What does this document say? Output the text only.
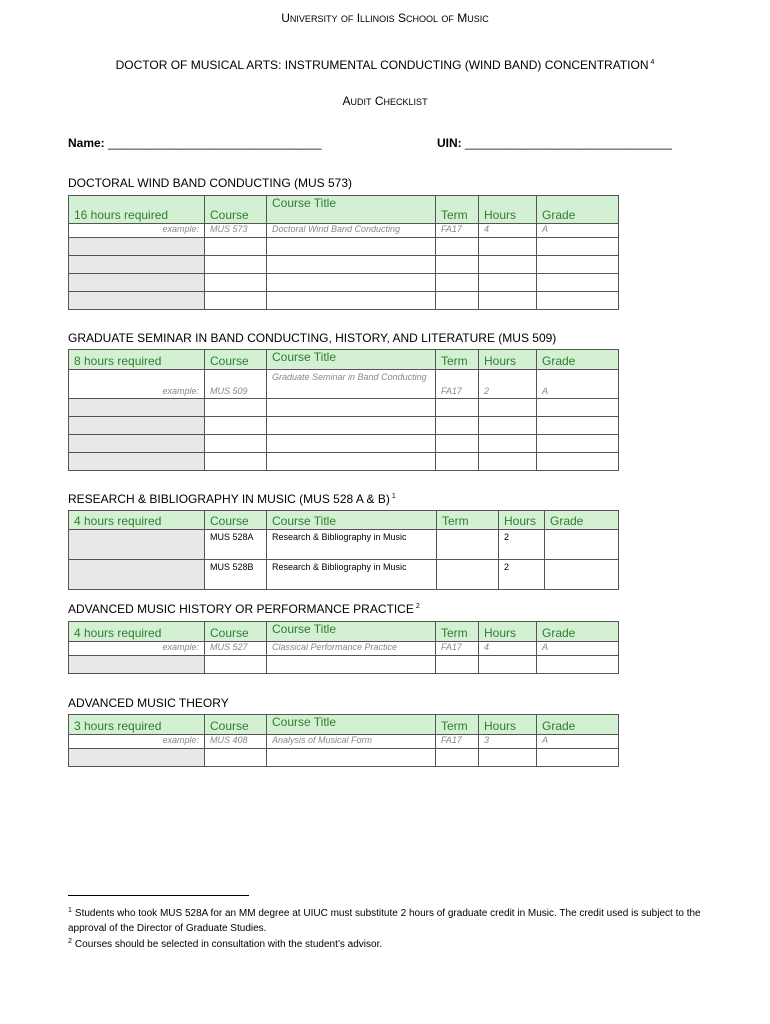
UNIVERSITY OF ILLINOIS SCHOOL OF MUSIC
DOCTOR OF MUSICAL ARTS: INSTRUMENTAL CONDUCTING (WIND BAND) CONCENTRATION $^4$
AUDIT CHECKLIST
Name: ________________________________	UIN: _______________________________
DOCTORAL WIND BAND CONDUCTING (MUS 573)
16 hours required	Course	Course Title	Term	Hours	Grade
example:	MUS 573	Doctoral Wind Band Conducting	FA17	4	A

GRADUATE SEMINAR IN BAND CONDUCTING, HISTORY, AND LITERATURE (MUS 509)
8 hours required	Course	Course Title	Term	Hours	Grade
example:	MUS 509	Graduate Seminar in Band Conducting	FA17	2	A

RESEARCH & BIBLIOGRAPHY IN MUSIC (MUS 528 A & B) $^1$
4 hours required	Course	Course Title	Term	Hours	Grade
	MUS 528A	Research & Bibliography in Music		2	
	MUS 528B	Research & Bibliography in Music		2	
ADVANCED MUSIC HISTORY OR PERFORMANCE PRACTICE $^2$
4 hours required	Course	Course Title	Term	Hours	Grade
example:	MUS 527	Classical Performance Practice	FA17	4	A

ADVANCED MUSIC THEORY
3 hours required	Course	Course Title	Term	Hours	Grade
example:	MUS 408	Analysis of Musical Form	FA17	3	A

$^1$ Students who took MUS 528A for an MM degree at UIUC must substitute 2 hours of graduate credit in Music. The credit used is subject to the approval of the Director of Graduate Studies.
$^2$ Courses should be selected in consultation with the student’s advisor.
